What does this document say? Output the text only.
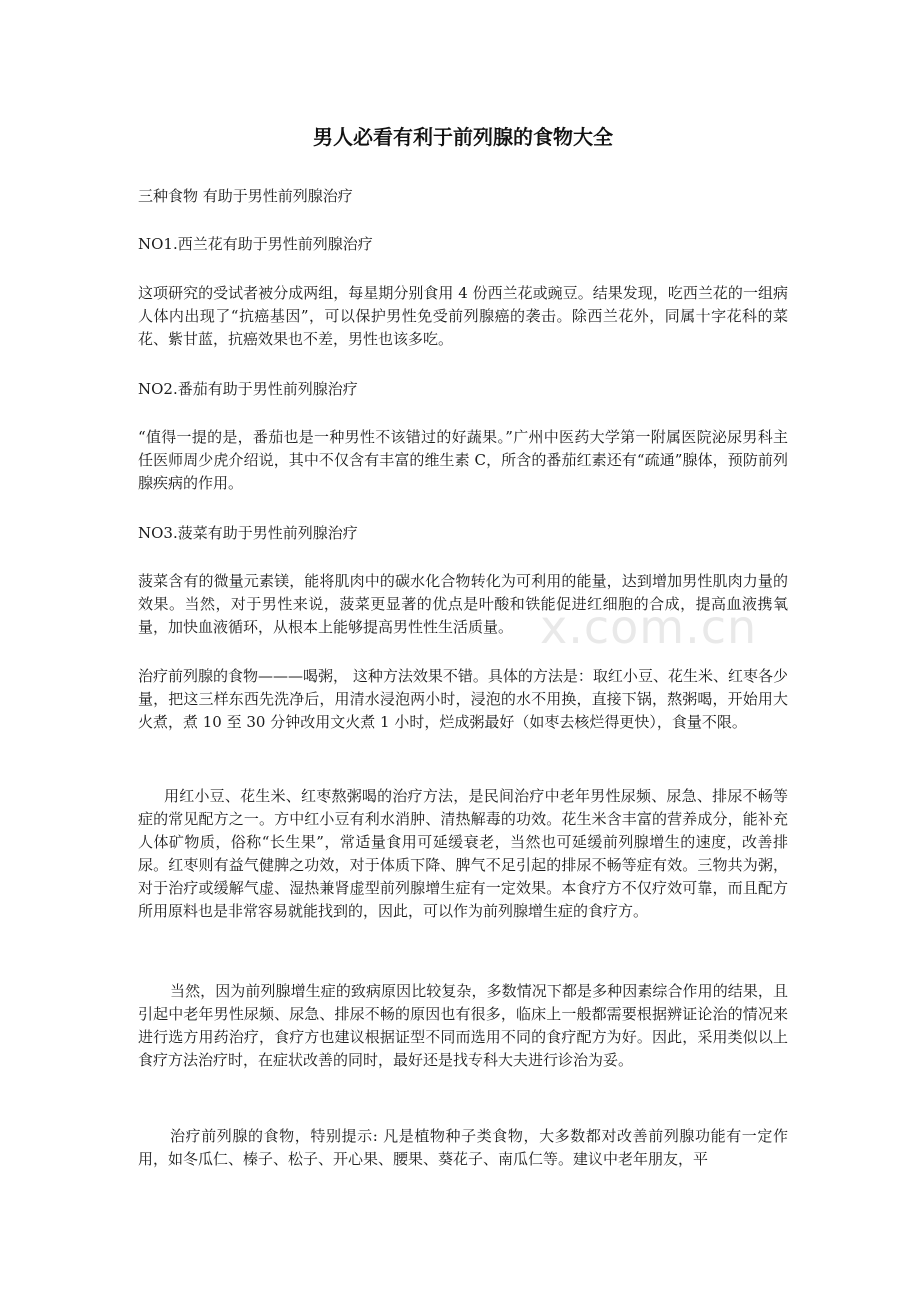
男人必看有利于前列腺的食物大全

三种食物 有助于男性前列腺治疗

NO1.西兰花有助于男性前列腺治疗

这项研究的受试者被分成两组，每星期分别食用 4 份西兰花或豌豆。结果发现，吃西兰花的一组病人体内出现了“抗癌基因”，可以保护男性免受前列腺癌的袭击。除西兰花外，同属十字花科的菜花、紫甘蓝，抗癌效果也不差，男性也该多吃。

NO2.番茄有助于男性前列腺治疗

“值得一提的是，番茄也是一种男性不该错过的好蔬果。”广州中医药大学第一附属医院泌尿男科主任医师周少虎介绍说，其中不仅含有丰富的维生素 C，所含的番茄红素还有“疏通”腺体，预防前列腺疾病的作用。

NO3.菠菜有助于男性前列腺治疗

菠菜含有的微量元素镁，能将肌肉中的碳水化合物转化为可利用的能量，达到增加男性肌肉力量的效果。当然，对于男性来说，菠菜更显著的优点是叶酸和铁能促进红细胞的合成，提高血液携氧量，加快血液循环，从根本上能够提高男性性生活质量。

治疗前列腺的食物———喝粥， 这种方法效果不错。具体的方法是：取红小豆、花生米、红枣各少量，把这三样东西先洗净后，用清水浸泡两小时，浸泡的水不用换，直接下锅，熬粥喝，开始用大火煮，煮 10 至 30 分钟改用文火煮 1 小时，烂成粥最好（如枣去核烂得更快），食量不限。

用红小豆、花生米、红枣熬粥喝的治疗方法，是民间治疗中老年男性尿频、尿急、排尿不畅等症的常见配方之一。方中红小豆有利水消肿、清热解毒的功效。花生米含丰富的营养成分，能补充人体矿物质，俗称“长生果”，常适量食用可延缓衰老，当然也可延缓前列腺增生的速度，改善排尿。红枣则有益气健脾之功效，对于体质下降、脾气不足引起的排尿不畅等症有效。三物共为粥，对于治疗或缓解气虚、湿热兼肾虚型前列腺增生症有一定效果。本食疗方不仅疗效可靠，而且配方所用原料也是非常容易就能找到的，因此，可以作为前列腺增生症的食疗方。

当然，因为前列腺增生症的致病原因比较复杂，多数情况下都是多种因素综合作用的结果，且引起中老年男性尿频、尿急、排尿不畅的原因也有很多，临床上一般都需要根据辨证论治的情况来进行选方用药治疗，食疗方也建议根据证型不同而选用不同的食疗配方为好。因此，采用类似以上食疗方法治疗时，在症状改善的同时，最好还是找专科大夫进行诊治为妥。

治疗前列腺的食物，特别提示: 凡是植物种子类食物，大多数都对改善前列腺功能有一定作用，如冬瓜仁、榛子、松子、开心果、腰果、葵花子、南瓜仁等。建议中老年朋友，平

x.com.cn
